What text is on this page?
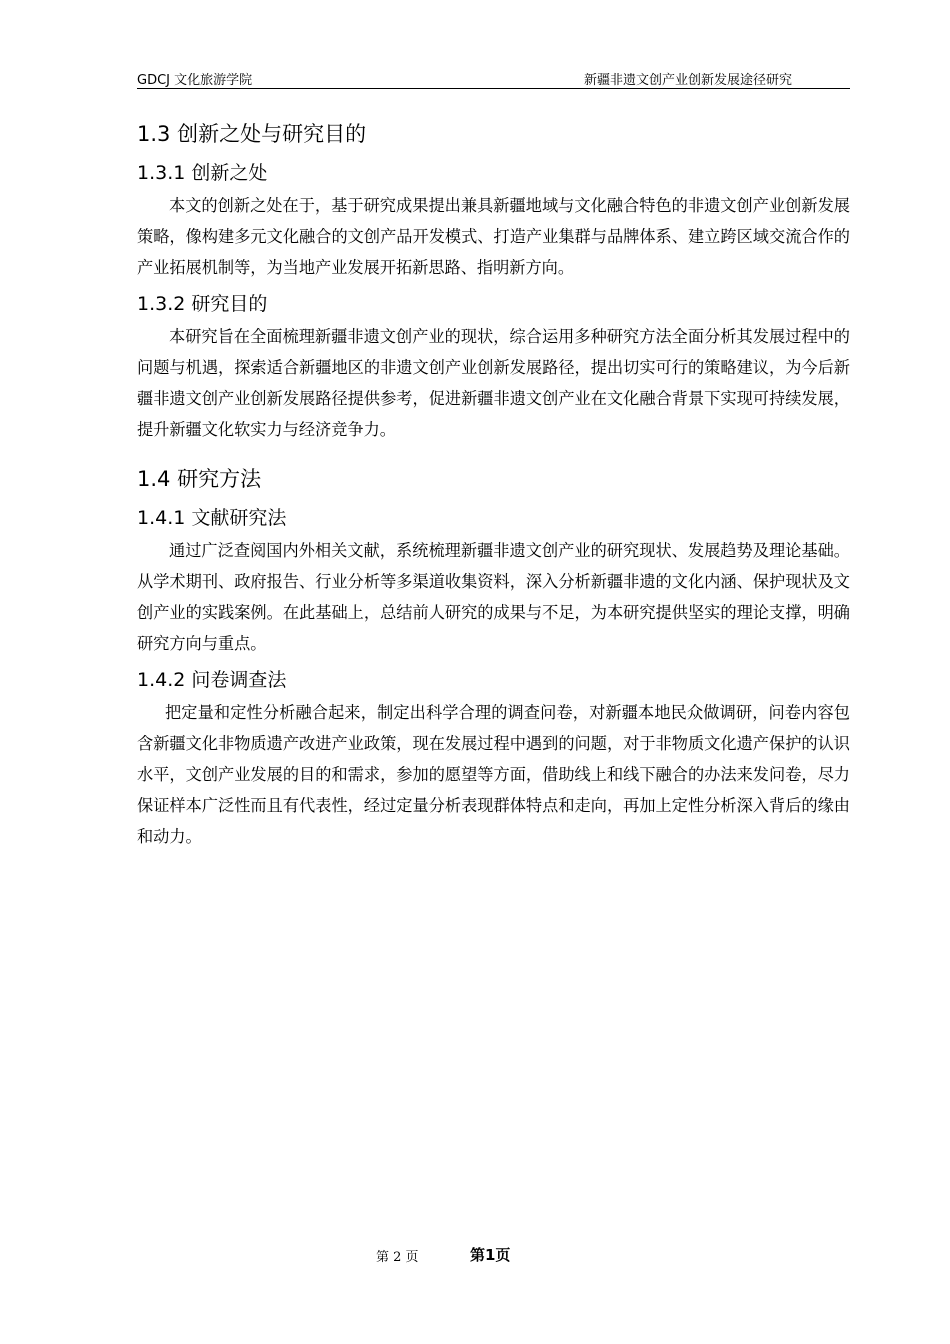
GDCJ 文化旅游学院	新疆非遗文创产业创新发展途径研究
1.3 创新之处与研究目的
1.3.1 创新之处

本文的创新之处在于，基于研究成果提出兼具新疆地域与文化融合特色的非遗文创产业创新发展策略，像构建多元文化融合的文创产品开发模式、打造产业集群与品牌体系、建立跨区域交流合作的产业拓展机制等，为当地产业发展开拓新思路、指明新方向。

1.3.2 研究目的

本研究旨在全面梳理新疆非遗文创产业的现状，综合运用多种研究方法全面分析其发展过程中的问题与机遇，探索适合新疆地区的非遗文创产业创新发展路径，提出切实可行的策略建议，为今后新疆非遗文创产业创新发展路径提供参考，促进新疆非遗文创产业在文化融合背景下实现可持续发展，提升新疆文化软实力与经济竞争力。

1.4 研究方法
1.4.1 文献研究法

通过广泛查阅国内外相关文献，系统梳理新疆非遗文创产业的研究现状、发展趋势及理论基础。从学术期刊、政府报告、行业分析等多渠道收集资料，深入分析新疆非遗的文化内涵、保护现状及文创产业的实践案例。在此基础上，总结前人研究的成果与不足，为本研究提供坚实的理论支撑，明确研究方向与重点。

1.4.2 问卷调查法

把定量和定性分析融合起来，制定出科学合理的调查问卷，对新疆本地民众做调研，问卷内容包含新疆文化非物质遗产改进产业政策，现在发展过程中遇到的问题，对于非物质文化遗产保护的认识水平，文创产业发展的目的和需求，参加的愿望等方面，借助线上和线下融合的办法来发问卷，尽力保证样本广泛性而且有代表性，经过定量分析表现群体特点和走向，再加上定性分析深入背后的缘由和动力。

第 2 页	第1页
